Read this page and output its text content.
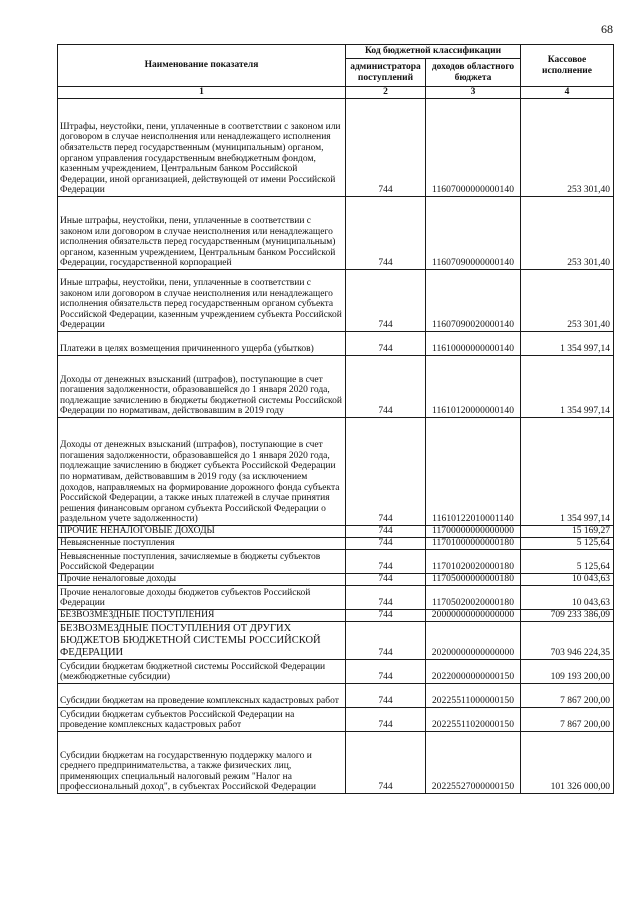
68
Наименование показателя	Код бюджетной классификации		Кассовое исполнение
	администратора поступлений	доходов областного бюджета	
1	2	3	4
Штрафы, неустойки, пени, уплаченные в соответствии с законом или договором в случае неисполнения или ненадлежащего исполнения обязательств перед государственным (муниципальным) органом, органом управления государственным внебюджетным фондом, казенным учреждением, Центральным банком Российской Федерации, иной организацией, действующей от имени Российской Федерации	744	11607000000000140	253 301,40
Иные штрафы, неустойки, пени, уплаченные в соответствии с законом или договором в случае неисполнения или ненадлежащего исполнения обязательств перед государственным (муниципальным) органом, казенным учреждением, Центральным банком Российской Федерации, государственной корпорацией	744	11607090000000140	253 301,40
Иные штрафы, неустойки, пени, уплаченные в соответствии с законом или договором в случае неисполнения или ненадлежащего исполнения обязательств перед государственным органом субъекта Российской Федерации, казенным учреждением субъекта Российской Федерации	744	11607090020000140	253 301,40
Платежи в целях возмещения причиненного ущерба (убытков)	744	11610000000000140	1 354 997,14
Доходы от денежных взысканий (штрафов), поступающие в счет погашения задолженности, образовавшейся до 1 января 2020 года, подлежащие зачислению в бюджеты бюджетной системы Российской Федерации по нормативам, действовавшим в 2019 году	744	11610120000000140	1 354 997,14
Доходы от денежных взысканий (штрафов), поступающие в счет погашения задолженности, образовавшейся до 1 января 2020 года, подлежащие зачислению в бюджет субъекта Российской Федерации по нормативам, действовавшим в 2019 году (за исключением доходов, направляемых на формирование дорожного фонда субъекта Российской Федерации, а также иных платежей в случае принятия решения финансовым органом субъекта Российской Федерации о раздельном учете задолженности)	744	11610122010001140	1 354 997,14
ПРОЧИЕ НЕНАЛОГОВЫЕ ДОХОДЫ	744	11700000000000000	15 169,27
Невыясненные поступления	744	11701000000000180	5 125,64
Невыясненные поступления, зачисляемые в бюджеты субъектов Российской Федерации	744	11701020020000180	5 125,64
Прочие неналоговые доходы	744	11705000000000180	10 043,63
Прочие неналоговые доходы бюджетов субъектов Российской Федерации	744	11705020020000180	10 043,63
БЕЗВОЗМЕЗДНЫЕ ПОСТУПЛЕНИЯ	744	20000000000000000	709 233 386,09
БЕЗВОЗМЕЗДНЫЕ ПОСТУПЛЕНИЯ ОТ ДРУГИХ БЮДЖЕТОВ БЮДЖЕТНОЙ СИСТЕМЫ РОССИЙСКОЙ ФЕДЕРАЦИИ	744	20200000000000000	703 946 224,35
Субсидии бюджетам бюджетной системы Российской Федерации (межбюджетные субсидии)	744	20220000000000150	109 193 200,00
Субсидии бюджетам на проведение комплексных кадастровых работ	744	20225511000000150	7 867 200,00
Субсидии бюджетам субъектов Российской Федерации на проведение комплексных кадастровых работ	744	20225511020000150	7 867 200,00
Субсидии бюджетам на государственную поддержку малого и среднего предпринимательства, а также физических лиц, применяющих специальный налоговый режим "Налог на профессиональный доход", в субъектах Российской Федерации	744	20225527000000150	101 326 000,00
